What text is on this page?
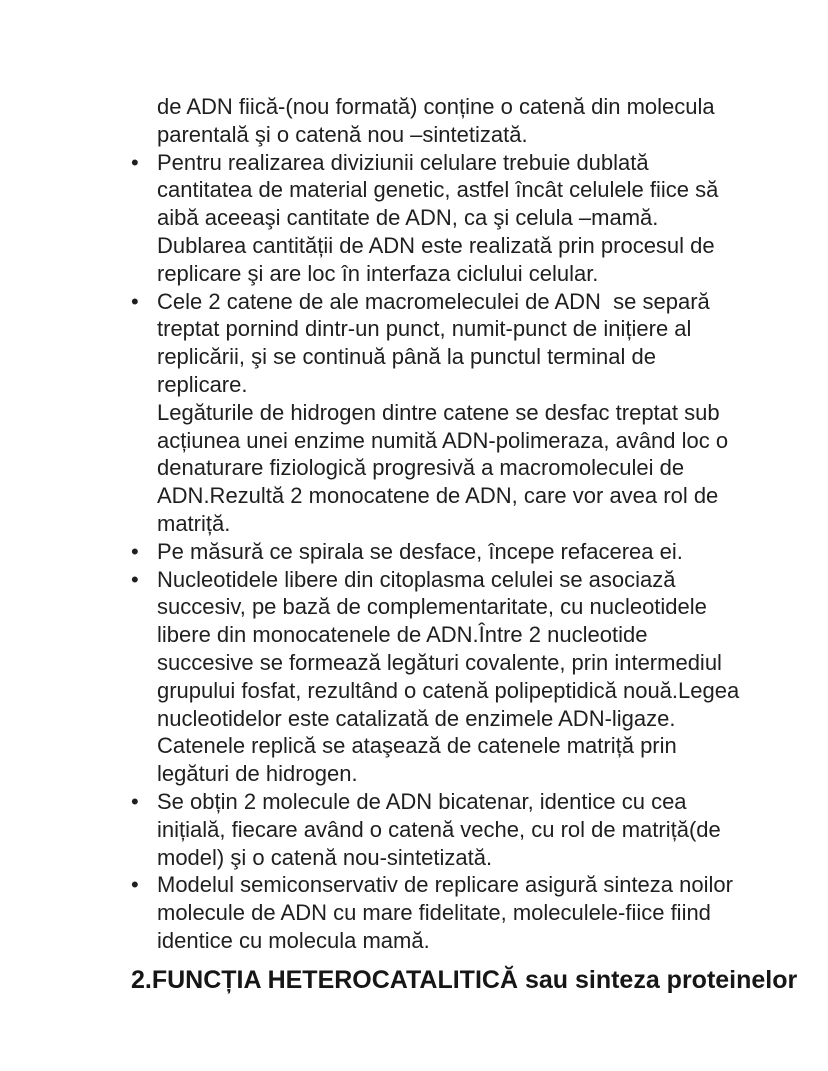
de ADN fiică-(nou formată) conține o catenă din molecula
parentală şi o catenă nou –sintetizată.
• Pentru realizarea diviziunii celulare trebuie dublată
cantitatea de material genetic, astfel încât celulele fiice să
aibă aceeaşi cantitate de ADN, ca şi celula –mamă.
Dublarea cantității de ADN este realizată prin procesul de
replicare şi are loc în interfaza ciclului celular.
• Cele 2 catene de ale macromeleculei de ADN  se separă
treptat pornind dintr-un punct, numit-punct de inițiere al
replicării, şi se continuă până la punctul terminal de
replicare.
Legăturile de hidrogen dintre catene se desfac treptat sub
acțiunea unei enzime numită ADN-polimeraza, având loc o
denaturare fiziologică progresivă a macromoleculei de
ADN.Rezultă 2 monocatene de ADN, care vor avea rol de
matriță.
• Pe măsură ce spirala se desface, începe refacerea ei.
• Nucleotidele libere din citoplasma celulei se asociază
succesiv, pe bază de complementaritate, cu nucleotidele
libere din monocatenele de ADN.Între 2 nucleotide
succesive se formează legături covalente, prin intermediul
grupului fosfat, rezultând o catenă polipeptidică nouă.Legea
nucleotidelor este catalizată de enzimele ADN-ligaze.
Catenele replică se ataşează de catenele matriță prin
legături de hidrogen.
• Se obțin 2 molecule de ADN bicatenar, identice cu cea
inițială, fiecare având o catenă veche, cu rol de matriță(de
model) şi o catenă nou-sintetizată.
• Modelul semiconservativ de replicare asigură sinteza noilor
molecule de ADN cu mare fidelitate, moleculele-fiice fiind
identice cu molecula mamă.
2.FUNCȚIA HETEROCATALITICĂ sau sinteza proteinelor
